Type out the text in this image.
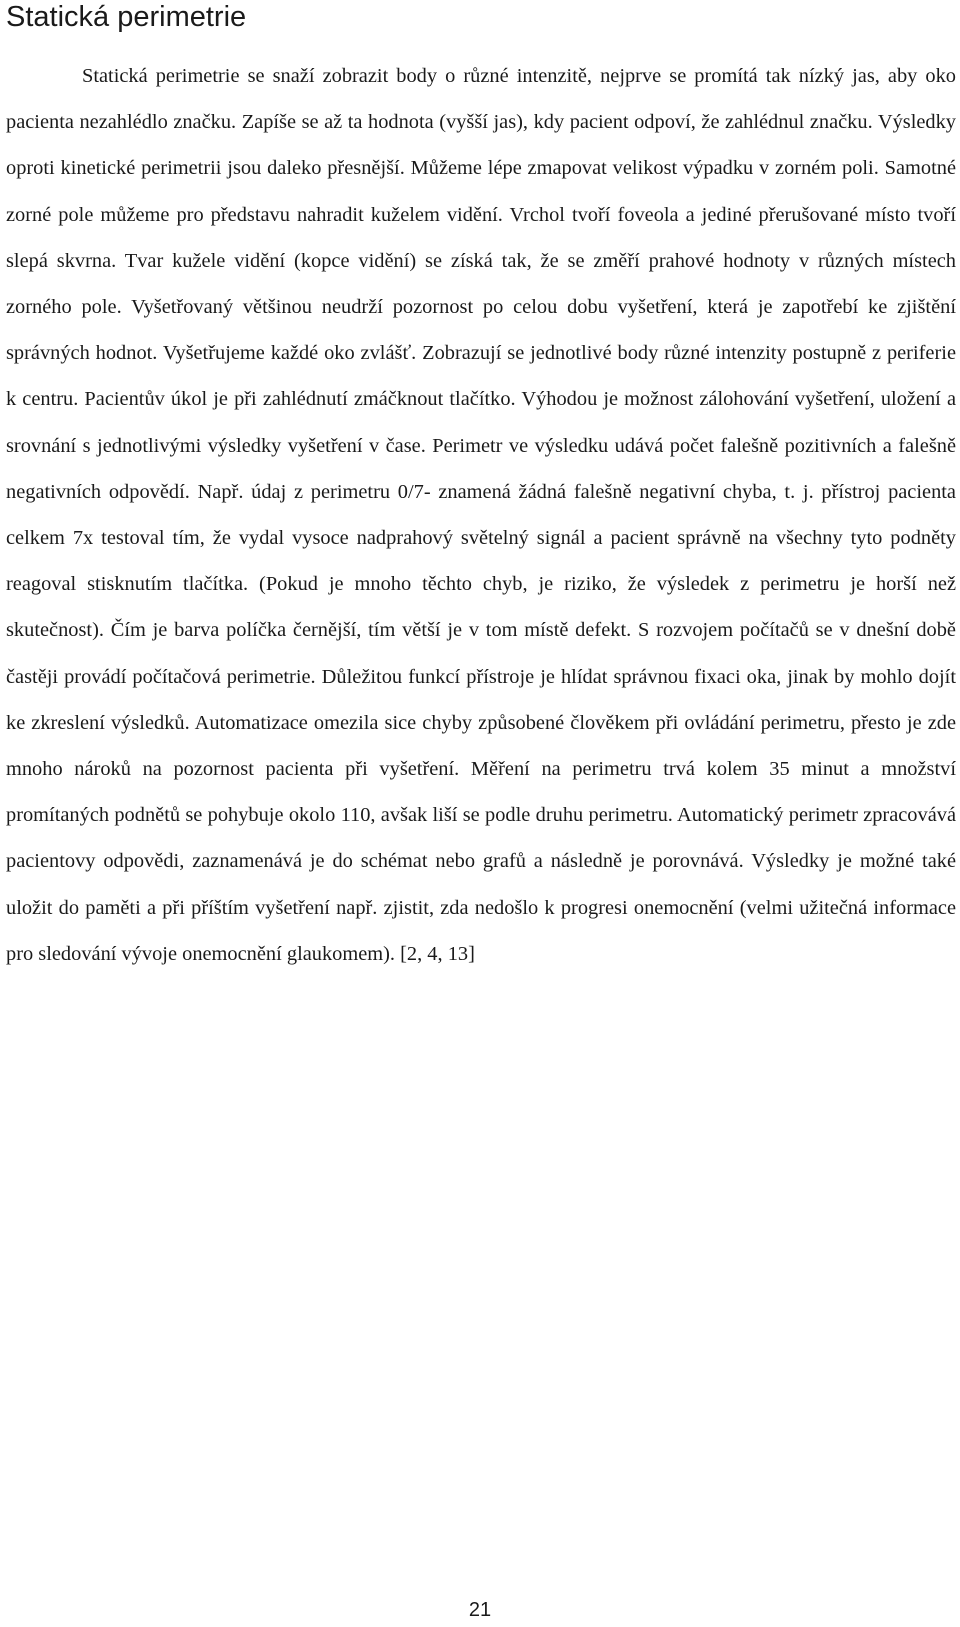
Statická perimetrie

Statická perimetrie se snaží zobrazit body o různé intenzitě, nejprve se promítá tak nízký jas, aby oko pacienta nezahlédlo značku. Zapíše se až ta hodnota (vyšší jas), kdy pacient odpoví, že zahlédnul značku. Výsledky oproti kinetické perimetrii jsou daleko přesnější. Můžeme lépe zmapovat velikost výpadku v zorném poli. Samotné zorné pole můžeme pro představu nahradit kuželem vidění. Vrchol tvoří foveola a jediné přerušované místo tvoří slepá skvrna. Tvar kužele vidění (kopce vidění) se získá tak, že se změří prahové hodnoty v různých místech zorného pole. Vyšetřovaný většinou neudrží pozornost po celou dobu vyšetření, která je zapotřebí ke zjištění správných hodnot. Vyšetřujeme každé oko zvlášť. Zobrazují se jednotlivé body různé intenzity postupně z periferie k centru. Pacientův úkol je při zahlédnutí zmáčknout tlačítko. Výhodou je možnost zálohování vyšetření, uložení a srovnání s jednotlivými výsledky vyšetření v čase. Perimetr ve výsledku udává počet falešně pozitivních a falešně negativních odpovědí. Např. údaj z perimetru 0/7- znamená žádná falešně negativní chyba, t. j. přístroj pacienta celkem 7x testoval tím, že vydal vysoce nadprahový světelný signál a pacient správně na všechny tyto podněty reagoval stisknutím tlačítka. (Pokud je mnoho těchto chyb, je riziko, že výsledek z perimetru je horší než skutečnost). Čím je barva políčka černější, tím větší je v tom místě defekt. S rozvojem počítačů se v dnešní době častěji provádí počítačová perimetrie. Důležitou funkcí přístroje je hlídat správnou fixaci oka, jinak by mohlo dojít ke zkreslení výsledků. Automatizace omezila sice chyby způsobené člověkem při ovládání perimetru, přesto je zde mnoho nároků na pozornost pacienta při vyšetření. Měření na perimetru trvá kolem 35 minut a množství promítaných podnětů se pohybuje okolo 110, avšak liší se podle druhu perimetru. Automatický perimetr zpracovává pacientovy odpovědi, zaznamenává je do schémat nebo grafů a následně je porovnává. Výsledky je možné také uložit do paměti a při příštím vyšetření např. zjistit, zda nedošlo k progresi onemocnění (velmi užitečná informace pro sledování vývoje onemocnění glaukomem). [2, 4, 13]

21
